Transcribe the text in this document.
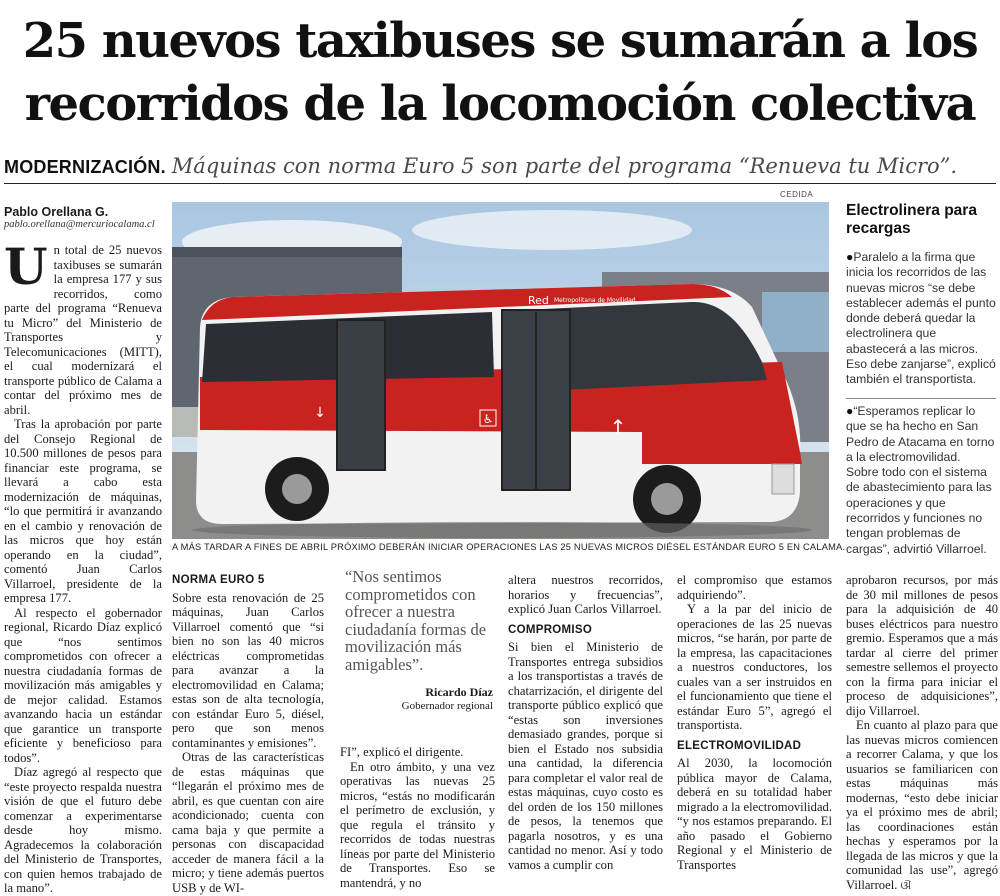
25 nuevos taxibuses se sumarán a los
recorridos de la locomoción colectiva
MODERNIZACIÓN. Máquinas con norma Euro 5 son parte del programa “Renueva tu Micro”.
Pablo Orellana G.
pablo.orellana@mercuriocalama.cl

Un total de 25 nuevos taxibuses se sumarán la empresa 177 y sus recorridos, como parte del programa “Renueva tu Micro” del Ministerio de Transportes y Telecomunicaciones (MITT), el cual modernizará el transporte público de Calama a contar del próximo mes de abril.

Tras la aprobación por parte del Consejo Regional de 10.500 millones de pesos para financiar este programa, se llevará a cabo esta modernización de máquinas, “lo que permitirá ir avanzando en el cambio y renovación de las micros que hoy están operando en la ciudad”, comentó Juan Carlos Villarroel, presidente de la empresa 177.

Al respecto el gobernador regional, Ricardo Díaz explicó que “nos sentimos comprometidos con ofrecer a nuestra ciudadanía formas de movilización más amigables y de mejor calidad. Estamos avanzando hacia un estándar que garantice un transporte eficiente y beneficioso para todos”.

Díaz agregó al respecto que “este proyecto respalda nuestra visión de que el futuro debe comenzar a experimentarse desde hoy mismo. Agradecemos la colaboración del Ministerio de Transportes, con quien hemos trabajado de la mano”.

CEDIDA
♿	↑
↓
Red Metropolitana de Movilidad
A MÁS TARDAR A FINES DE ABRIL PRÓXIMO DEBERÁN INICIAR OPERACIONES LAS 25 NUEVAS MICROS DIÉSEL ESTÁNDAR EURO 5 EN CALAMA.
NORMA EURO 5

Sobre esta renovación de 25 máquinas, Juan Carlos Villarroel comentó que “si bien no son las 40 micros eléctricas comprometidas para avanzar a la electromovilidad en Calama; estas son de alta tecnología, con estándar Euro 5, diésel, pero que son menos contaminantes y emisiones”.

Otras de las características de estas máquinas que “llegarán el próximo mes de abril, es que cuentan con aire acondicionado; cuenta con cama baja y que permite a personas con discapacidad acceder de manera fácil a la micro; y tiene además puertos USB y de WI-

“Nos sentimos comprometidos con ofrecer a nuestra ciudadanía formas de movilización más amigables”.
Ricardo Díaz
Gobernador regional

FI”, explicó el dirigente.

En otro ámbito, y una vez operativas las nuevas 25 micros, “estás no modificarán el perímetro de exclusión, y que regula el tránsito y recorridos de todas nuestras líneas por parte del Ministerio de Transportes. Eso se mantendrá, y no

altera nuestros recorridos, horarios y frecuencias”, explicó Juan Carlos Villarroel.

COMPROMISO

Si bien el Ministerio de Transportes entrega subsidios a los transportistas a través de chatarrización, el dirigente del transporte público explicó que “estas son inversiones demasiado grandes, porque si bien el Estado nos subsidia una cantidad, la diferencia para completar el valor real de estas máquinas, cuyo costo es del orden de los 150 millones de pesos, la tenemos que pagarla nosotros, y es una cantidad no menor. Así y todo vamos a cumplir con

el compromiso que estamos adquiriendo”.

Y a la par del inicio de operaciones de las 25 nuevas micros, “se harán, por parte de la empresa, las capacitaciones a nuestros conductores, los cuales van a ser instruidos en el funcionamiento que tiene el estándar Euro 5”, agregó el transportista.

ELECTROMOVILIDAD

Al 2030, la locomoción pública mayor de Calama, deberá en su totalidad haber migrado a la electromovilidad. “y nos estamos preparando. El año pasado el Gobierno Regional y el Ministerio de Transportes

aprobaron recursos, por más de 30 mil millones de pesos para la adquisición de 40 buses eléctricos para nuestro gremio. Esperamos que a más tardar al cierre del primer semestre sellemos el proyecto con la firma para iniciar el proceso de adquisiciones”, dijo Villarroel.

En cuanto al plazo para que las nuevas micros comiencen a recorrer Calama, y que los usuarios se familiaricen con estas máquinas más modernas, “esto debe iniciar ya el próximo mes de abril; las coordinaciones están hechas y esperamos por la llegada de las micros y que la comunidad las use”, agregó Villarroel. ଔ

Electrolinera para recargas
●Paralelo a la firma que inicia los recorridos de las nuevas micros “se debe establecer además el punto donde deberá quedar la electrolinera que abastecerá a las micros. Eso debe zanjarse”, explicó también el transportista.
●“Esperamos replicar lo que se ha hecho en San Pedro de Atacama en torno a la electromovilidad. Sobre todo con el sistema de abastecimiento para las operaciones y que recorridos y funciones no tengan problemas de cargas”, advirtió Villarroel.
